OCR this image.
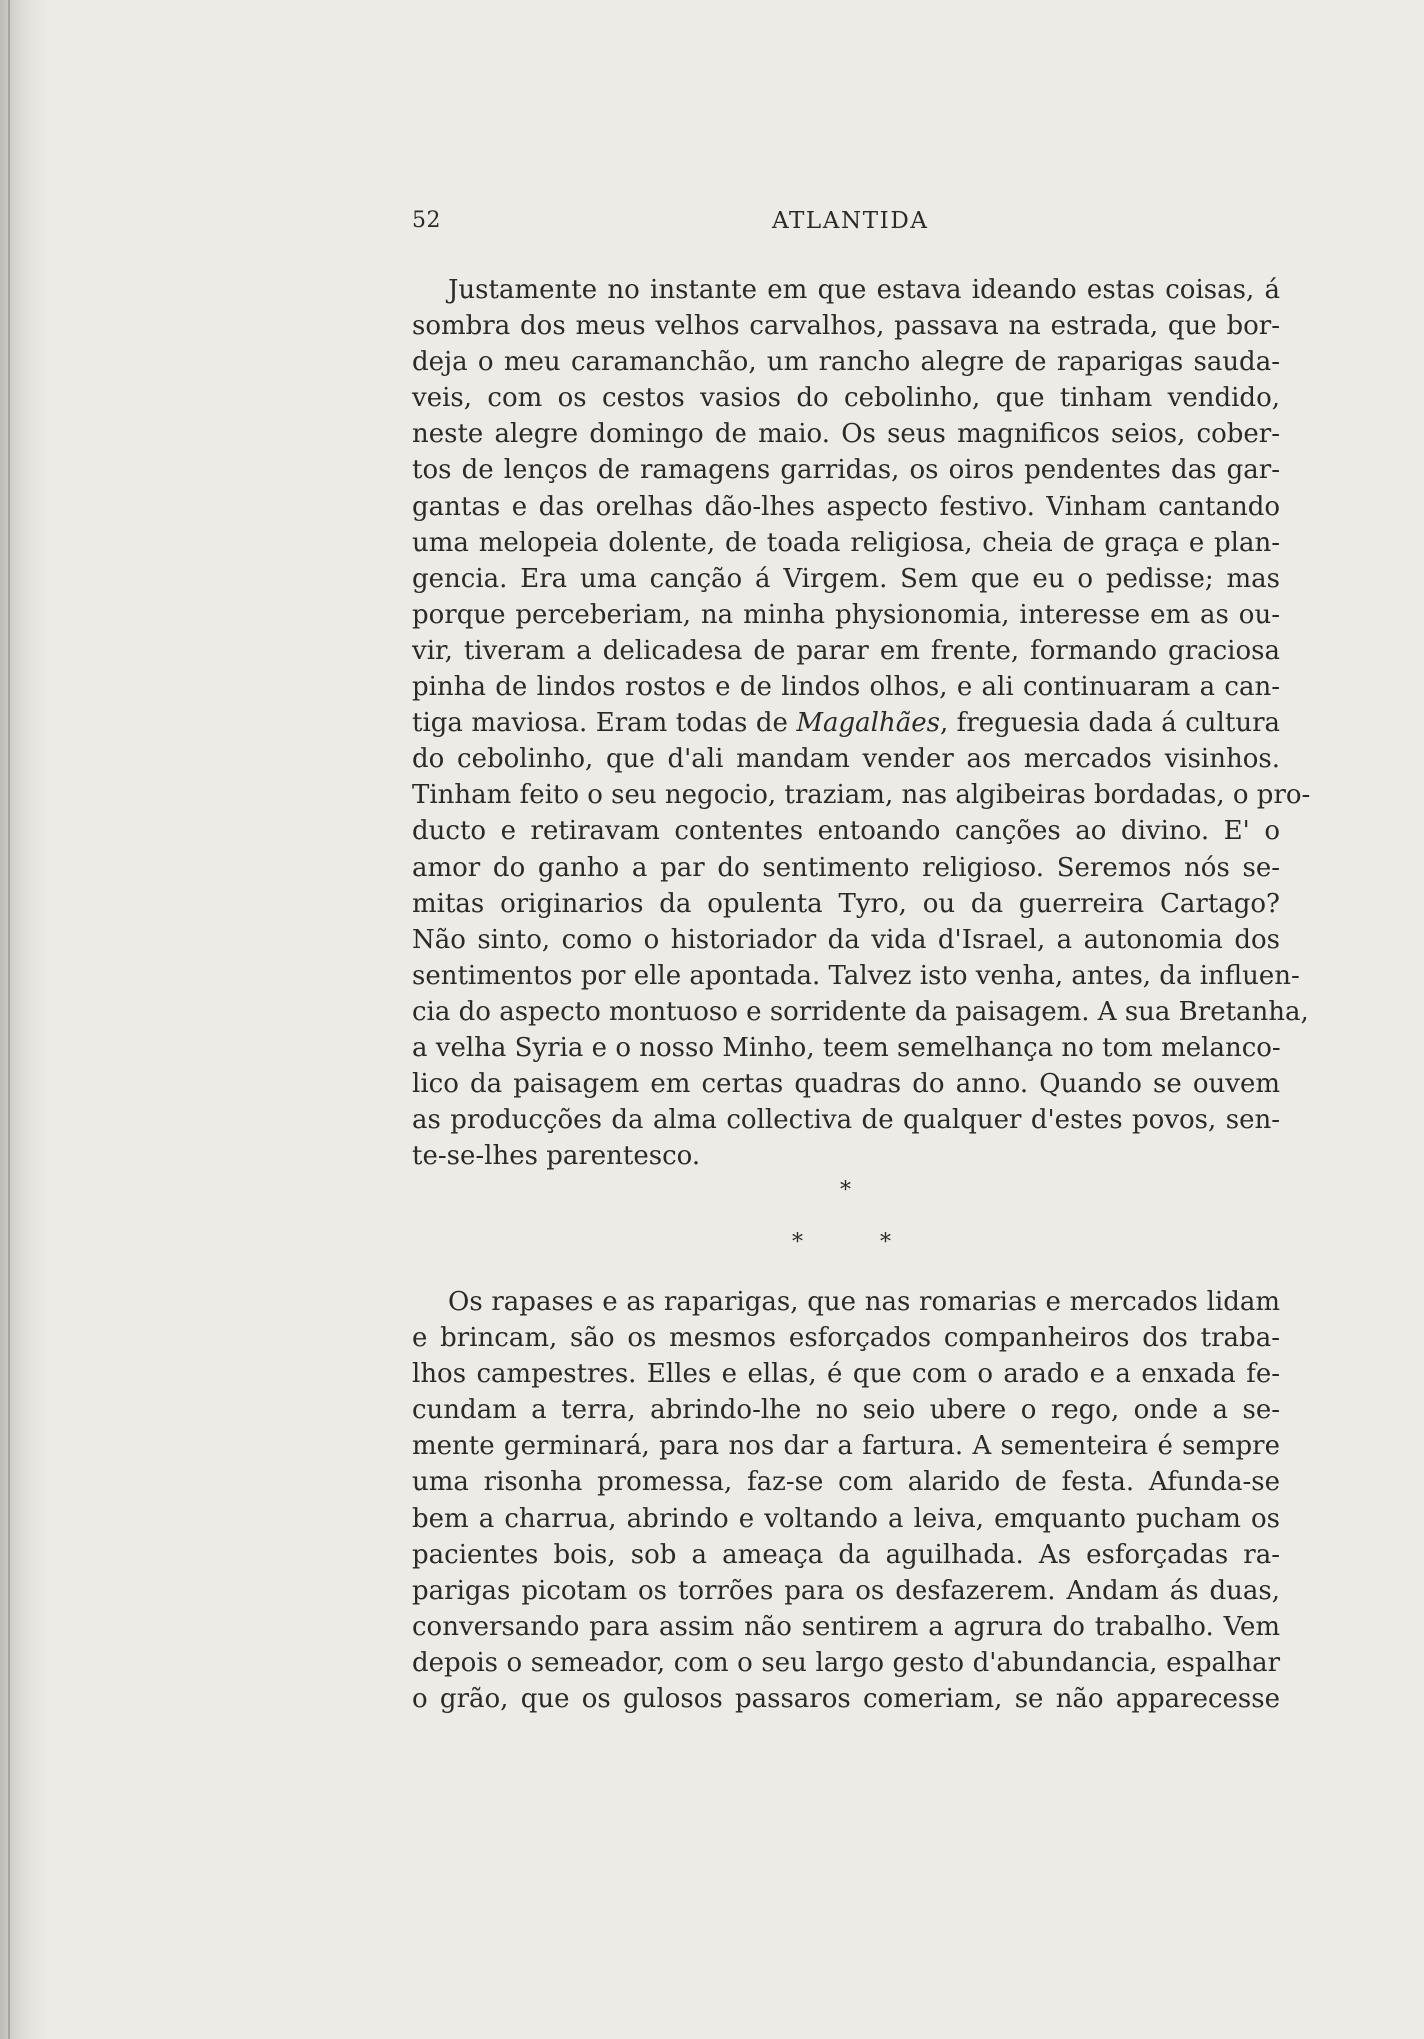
52	ATLANTIDA
Justamente no instante em que estava ideando estas coisas, á
sombra dos meus velhos carvalhos, passava na estrada, que bor-
deja o meu caramanchão, um rancho alegre de raparigas sauda-
veis, com os cestos vasios do cebolinho, que tinham vendido,
neste alegre domingo de maio. Os seus magnificos seios, cober-
tos de lenços de ramagens garridas, os oiros pendentes das gar-
gantas e das orelhas dão-lhes aspecto festivo. Vinham cantando
uma melopeia dolente, de toada religiosa, cheia de graça e plan-
gencia. Era uma canção á Virgem. Sem que eu o pedisse; mas
porque perceberiam, na minha physionomia, interesse em as ou-
vir, tiveram a delicadesa de parar em frente, formando graciosa
pinha de lindos rostos e de lindos olhos, e ali continuaram a can-
tiga maviosa. Eram todas de Magalhães, freguesia dada á cultura
do cebolinho, que d'ali mandam vender aos mercados visinhos.
Tinham feito o seu negocio, traziam, nas algibeiras bordadas, o pro-
ducto e retiravam contentes entoando canções ao divino. E' o
amor do ganho a par do sentimento religioso. Seremos nós se-
mitas originarios da opulenta Tyro, ou da guerreira Cartago?
Não sinto, como o historiador da vida d'Israel, a autonomia dos
sentimentos por elle apontada. Talvez isto venha, antes, da influen-
cia do aspecto montuoso e sorridente da paisagem. A sua Bretanha,
a velha Syria e o nosso Minho, teem semelhança no tom melanco-
lico da paisagem em certas quadras do anno. Quando se ouvem
as producções da alma collectiva de qualquer d'estes povos, sen-
te-se-lhes parentesco.
*
*	*
Os rapases e as raparigas, que nas romarias e mercados lidam
e brincam, são os mesmos esforçados companheiros dos traba-
lhos campestres. Elles e ellas, é que com o arado e a enxada fe-
cundam a terra, abrindo-lhe no seio ubere o rego, onde a se-
mente germinará, para nos dar a fartura. A sementeira é sempre
uma risonha promessa, faz-se com alarido de festa. Afunda-se
bem a charrua, abrindo e voltando a leiva, emquanto pucham os
pacientes bois, sob a ameaça da aguilhada. As esforçadas ra-
parigas picotam os torrões para os desfazerem. Andam ás duas,
conversando para assim não sentirem a agrura do trabalho. Vem
depois o semeador, com o seu largo gesto d'abundancia, espalhar
o grão, que os gulosos passaros comeriam, se não apparecesse
